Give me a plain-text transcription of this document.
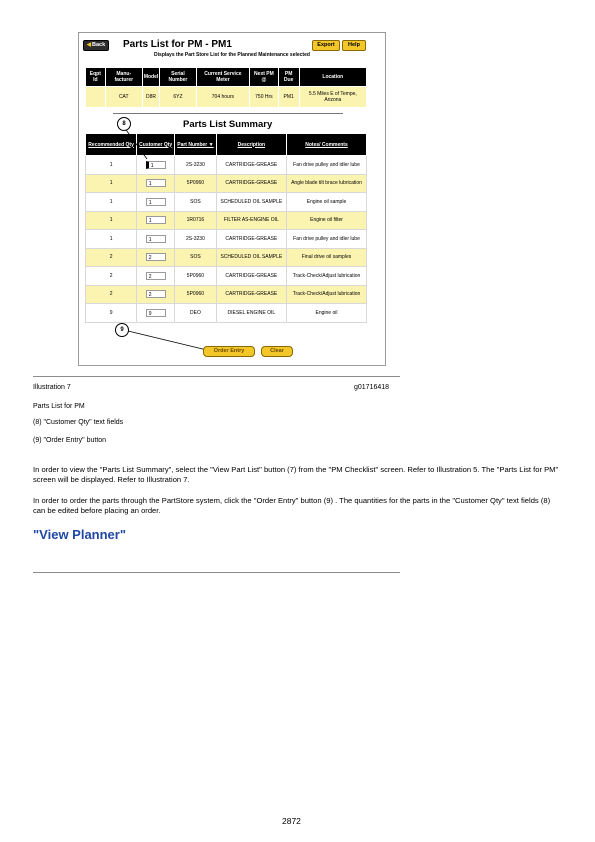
◀Back	Parts List for PM - PM1	Export	Help
Displays the Part Store List for the Planned Maintenance selected
Eqpt Id	Manu- facturer	Model	Serial Number	Current Service Meter	Next PM @	PM Due	Location
	CAT	D8R	6YZ	704 hours	750 Hrs	PM1	5.5 Miles E of Tempe, Arizona
Parts List Summary
Recommended Qty	Customer Qty	Part Number ▼	Description	Notes/ Comments
1	1	2S-3230	CARTRIDGE-GREASE	Fan drive pulley and idler lube
1	1	5P0960	CARTRIDGE-GREASE	Angle blade tilt brace lubrication
1	1	SOS	SCHEDULED OIL SAMPLE	Engine oil sample
1	1	1R0716	FILTER AS-ENGINE OIL	Engine oil filter
1	1	2S-3230	CARTRIDGE-GREASE	Fan drive pulley and idler lube
2	2	SOS	SCHEDULED OIL SAMPLE	Final drive oil samples
2	2	5P0960	CARTRIDGE-GREASE	Track-Check/Adjust lubrication
2	2	5P0960	CARTRIDGE-GREASE	Track-Check/Adjust lubrication
9	9	DEO	DIESEL ENGINE OIL	Engine oil
8
9
Order Entry	Clear
Illustration 7	g01716418
Parts List for PM
(8) "Customer Qty" text fields
(9) "Order Entry" button
In order to view the "Parts List Summary", select the "View Part List" button (7) from the "PM Checklist" screen. Refer to Illustration 5. The "Parts List for PM" screen will be displayed. Refer to Illustration 7.
In order to order the parts through the PartStore system, click the "Order Entry" button (9) . The quantities for the parts in the "Customer Qty" text fields (8) can be edited before placing an order.
"View Planner"
2872
